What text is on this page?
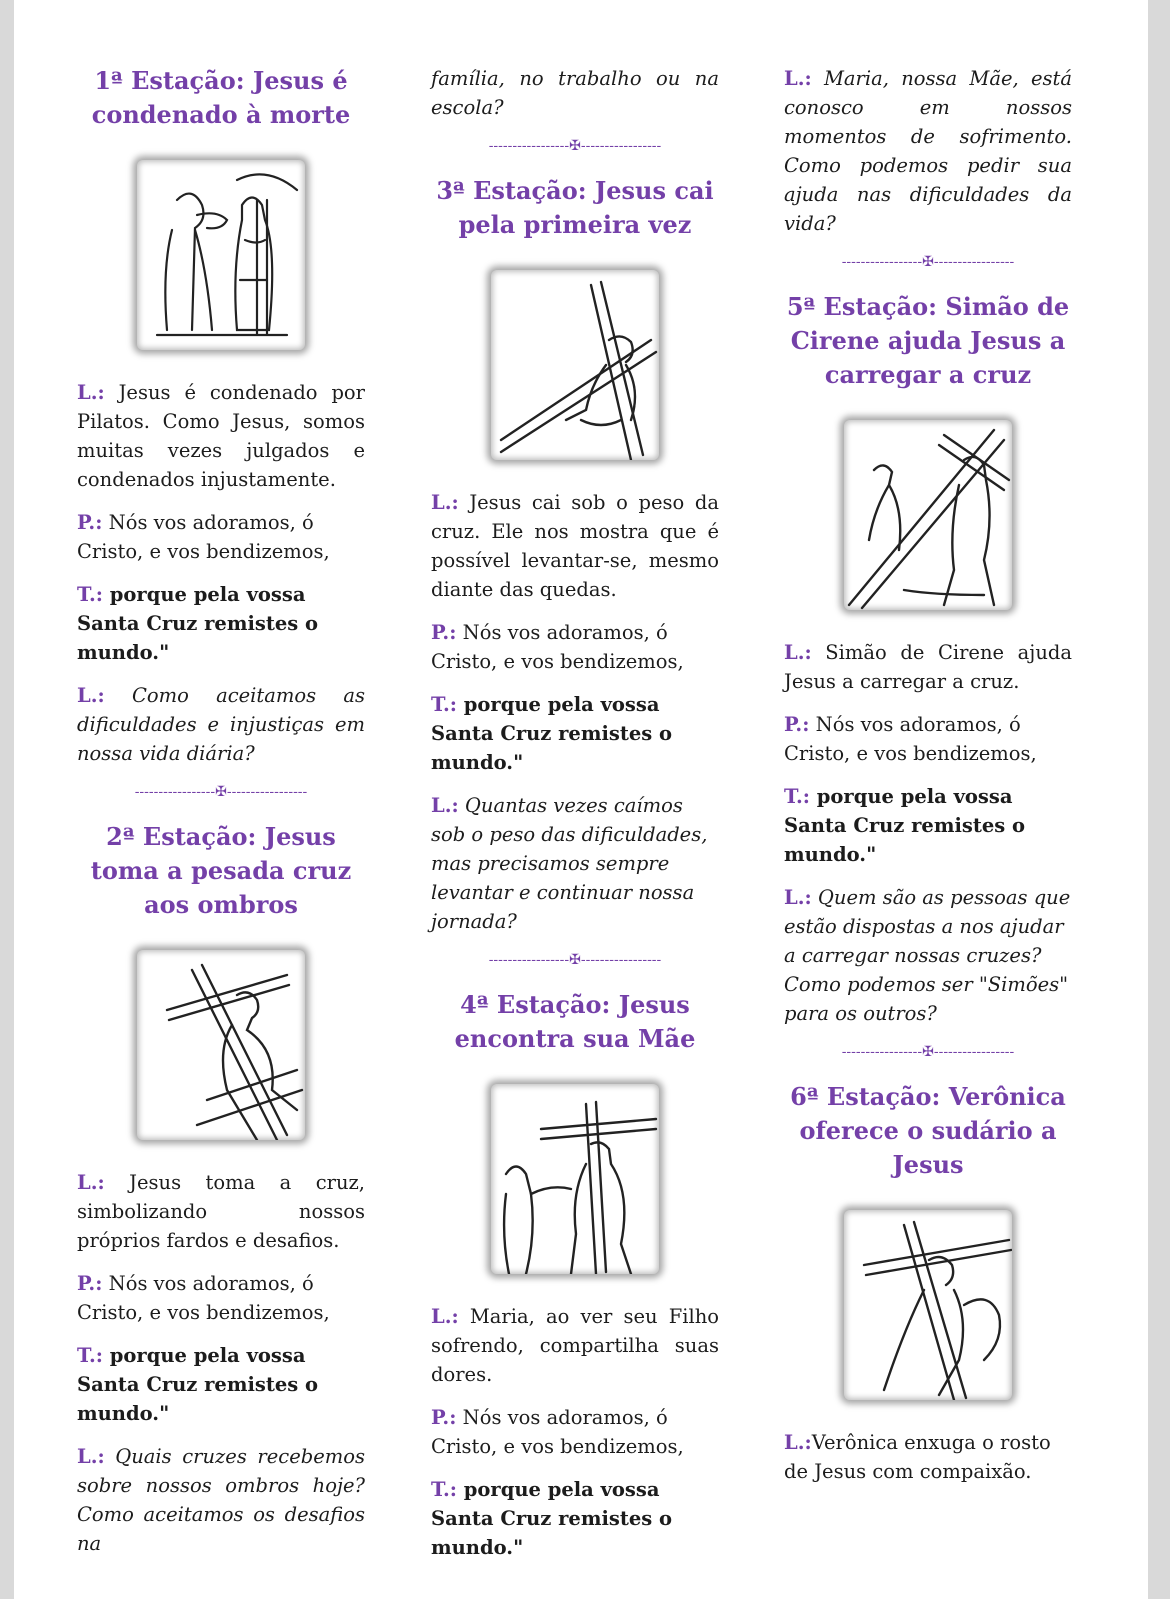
1ª Estação: Jesus é condenado à morte

L.: Jesus é condenado por Pilatos. Como Jesus, somos muitas vezes julgados e condenados injustamente.

P.: Nós vos adoramos, ó Cristo, e vos bendizemos,

T.: porque pela vossa Santa Cruz remistes o mundo."

L.: Como aceitamos as dificuldades e injustiças em nossa vida diária?

-----------------✠-----------------
2ª Estação: Jesus toma a pesada cruz aos ombros

L.: Jesus toma a cruz, simbolizando nossos próprios fardos e desafios.

P.: Nós vos adoramos, ó Cristo, e vos bendizemos,

T.: porque pela vossa Santa Cruz remistes o mundo."

L.: Quais cruzes recebemos sobre nossos ombros hoje? Como aceitamos os desafios na

família, no trabalho ou na escola?

-----------------✠-----------------
3ª Estação: Jesus cai pela primeira vez

L.: Jesus cai sob o peso da cruz. Ele nos mostra que é possível levantar-se, mesmo diante das quedas.

P.: Nós vos adoramos, ó Cristo, e vos bendizemos,

T.: porque pela vossa Santa Cruz remistes o mundo."

L.: Quantas vezes caímos sob o peso das dificuldades, mas precisamos sempre levantar e continuar nossa jornada?

-----------------✠-----------------
4ª Estação: Jesus encontra sua Mãe

L.: Maria, ao ver seu Filho sofrendo, compartilha suas dores.

P.: Nós vos adoramos, ó Cristo, e vos bendizemos,

T.: porque pela vossa Santa Cruz remistes o mundo."

L.: Maria, nossa Mãe, está conosco em nossos momentos de sofrimento. Como podemos pedir sua ajuda nas dificuldades da vida?

-----------------✠-----------------
5ª Estação: Simão de Cirene ajuda Jesus a carregar a cruz

L.: Simão de Cirene ajuda Jesus a carregar a cruz.

P.: Nós vos adoramos, ó Cristo, e vos bendizemos,

T.: porque pela vossa Santa Cruz remistes o mundo."

L.: Quem são as pessoas que estão dispostas a nos ajudar a carregar nossas cruzes? Como podemos ser "Simões" para os outros?

-----------------✠-----------------
6ª Estação: Verônica oferece o sudário a Jesus

L.:Verônica enxuga o rosto de Jesus com compaixão.
